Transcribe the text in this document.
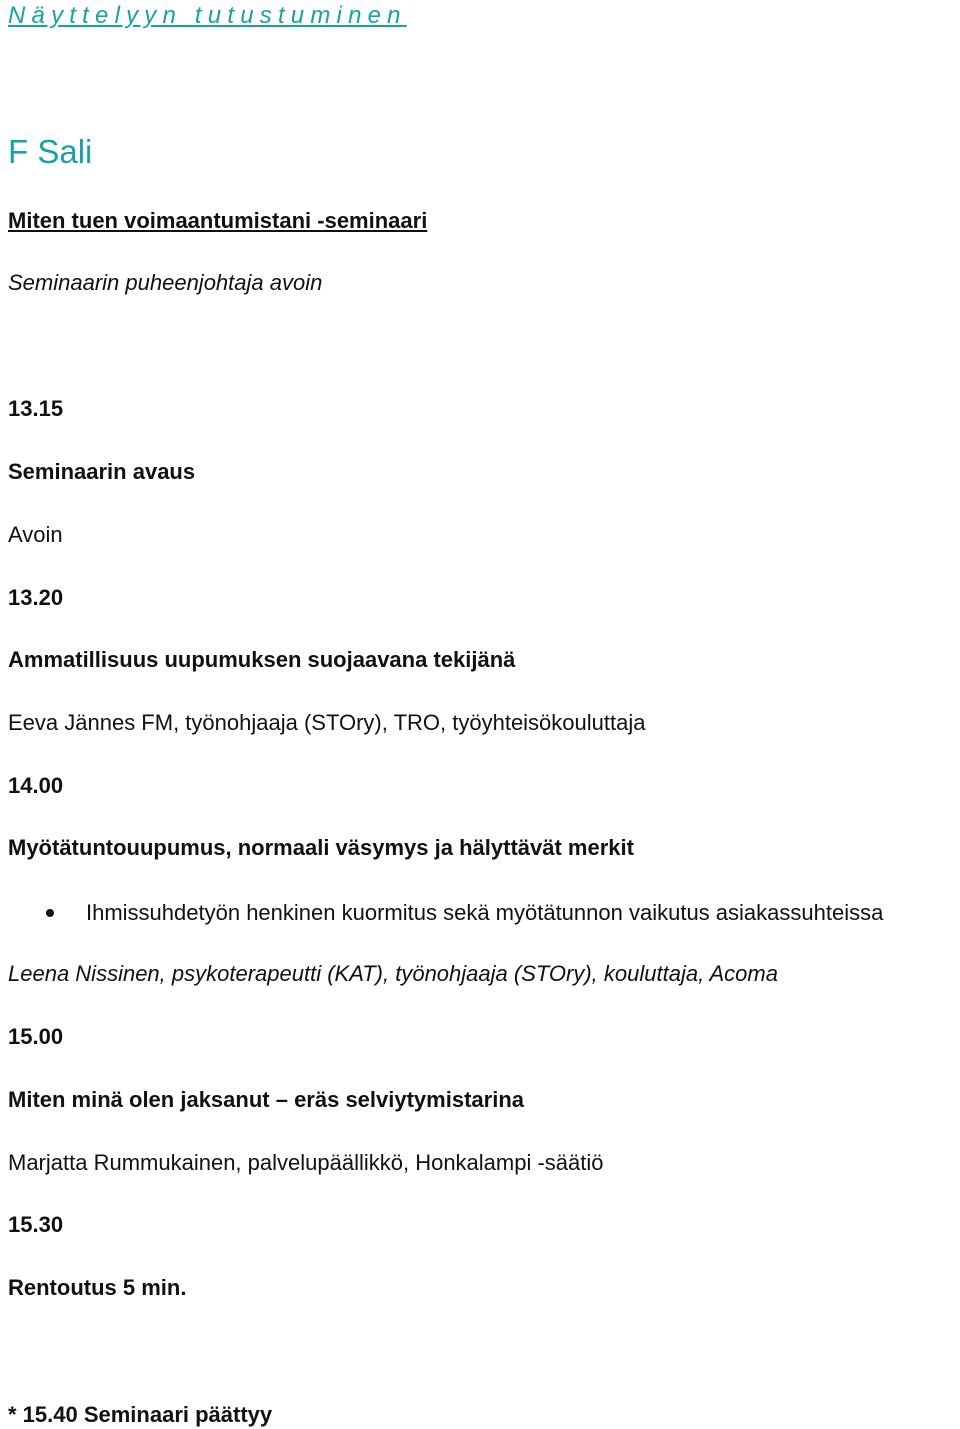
Näyttelyyn tutustuminen
F Sali
Miten tuen voimaantumistani -seminaari
Seminaarin puheenjohtaja avoin
13.15
Seminaarin avaus
Avoin
13.20
Ammatillisuus uupumuksen suojaavana tekijänä
Eeva Jännes FM, työnohjaaja (STOry), TRO, työyhteisökouluttaja
14.00
Myötätuntouupumus, normaali väsymys ja hälyttävät merkit
Ihmissuhdetyön henkinen kuormitus sekä myötätunnon vaikutus asiakassuhteissa
Leena Nissinen, psykoterapeutti (KAT), työnohjaaja (STOry), kouluttaja, Acoma
15.00
Miten minä olen jaksanut – eräs selviytymistarina
Marjatta Rummukainen, palvelupäällikkö, Honkalampi -säätiö
15.30
Rentoutus 5 min.
* 15.40 Seminaari päättyy
